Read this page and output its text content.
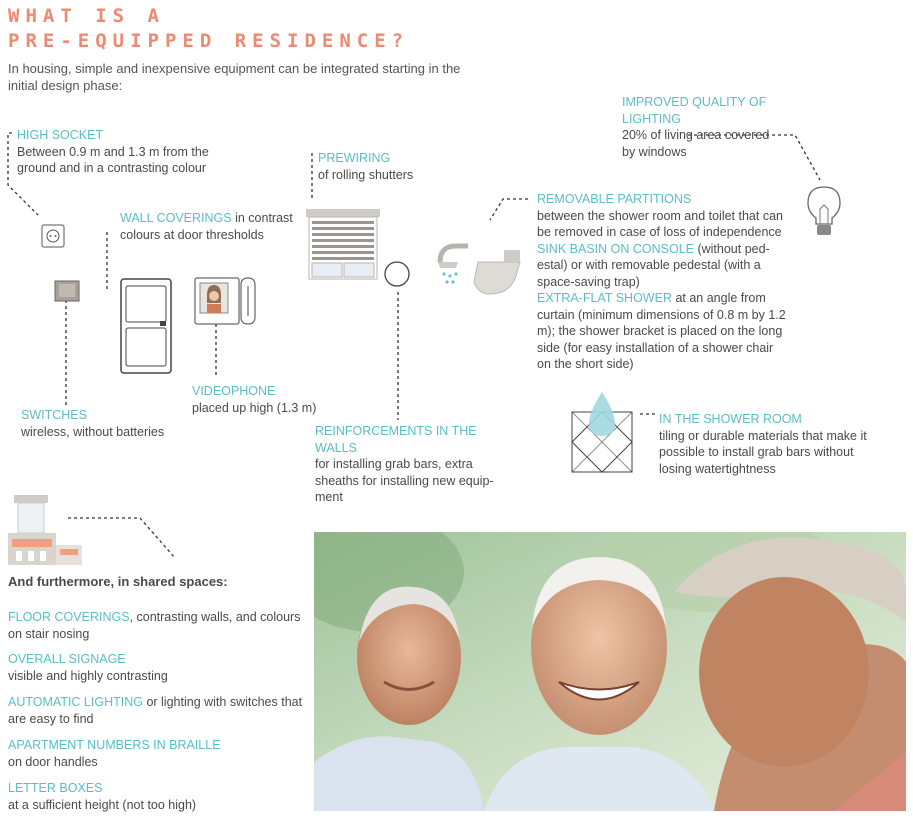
WHAT IS A
PRE-EQUIPPED RESIDENCE?
In housing, simple and inexpensive equipment can be integrated starting in the initial design phase:
HIGH SOCKET
Between 0.9 m and 1.3 m from the ground and in a contrasting colour
WALL COVERINGS in contrast colours at door thresholds
PREWIRING
of rolling shutters
IMPROVED QUALITY OF LIGHTING
20% of living area covered by windows
REMOVABLE PARTITIONS
between the shower room and toilet that can be removed in case of loss of independence
SINK BASIN ON CONSOLE (without ped-estal) or with removable pedestal (with a space-saving trap)
EXTRA-FLAT SHOWER at an angle from curtain (minimum dimensions of 0.8 m by 1.2 m); the shower bracket is placed on the long side (for easy installation of a shower chair on the short side)
VIDEOPHONE
placed up high (1.3 m)
SWITCHES
wireless, without batteries	REINFORCEMENTS IN THE WALLS
for installing grab bars, extra sheaths for installing new equip-ment
IN THE SHOWER ROOM
tiling or durable materials that make it possible to install grab bars without losing watertightness
And furthermore, in shared spaces:
FLOOR COVERINGS, contrasting walls, and colours on stair nosing
OVERALL SIGNAGE
visible and highly contrasting
AUTOMATIC LIGHTING or lighting with switches that are easy to find
APARTMENT NUMBERS IN BRAILLE
on door handles
LETTER BOXES
at a sufficient height (not too high)
